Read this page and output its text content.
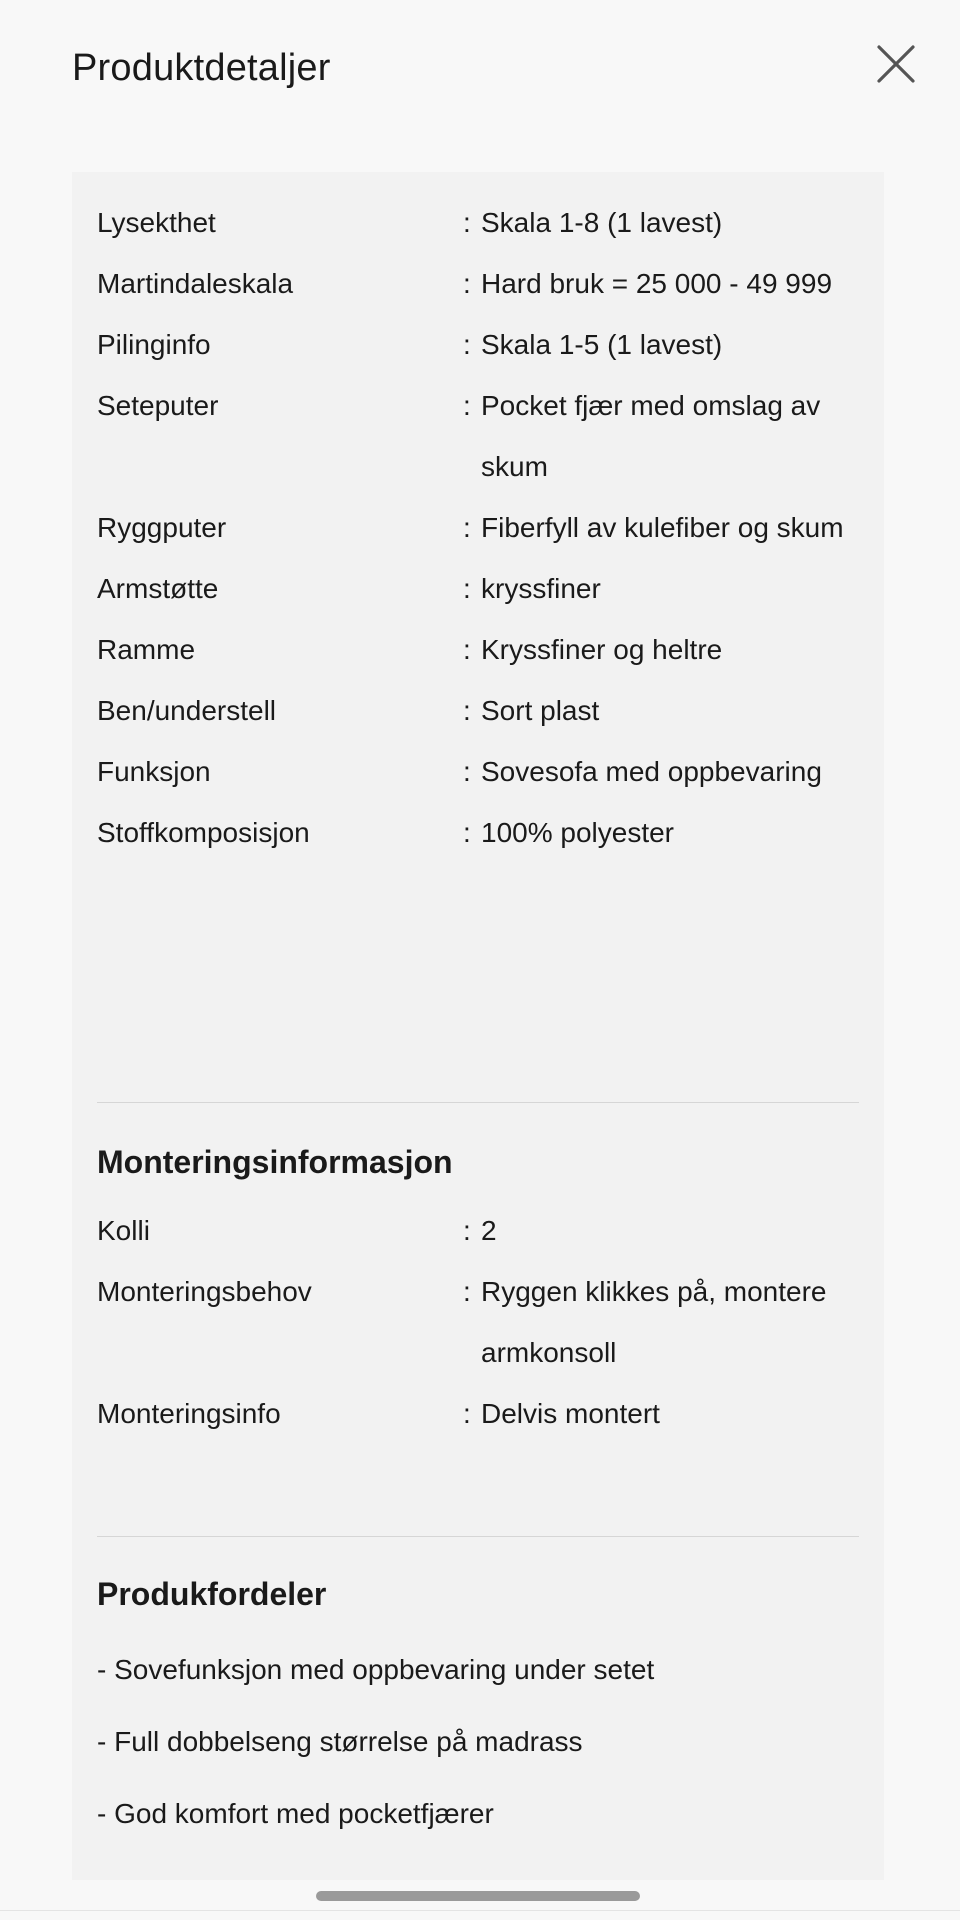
Produktdetaljer
Lysekthet	: Skala 1-8 (1 lavest)
Martindaleskala	: Hard bruk = 25 000 - 49 999
Pilinginfo	: Skala 1-5 (1 lavest)
Seteputer	: Pocket fjær med omslag av skum
Ryggputer	: Fiberfyll av kulefiber og skum
Armstøtte	: kryssfiner
Ramme	: Kryssfiner og heltre
Ben/understell	: Sort plast
Funksjon	: Sovesofa med oppbevaring
Stoffkomposisjon	: 100% polyester
Monteringsinformasjon
Kolli	: 2
Monteringsbehov	: Ryggen klikkes på, montere armkonsoll
Monteringsinfo	: Delvis montert
Produkfordeler
- Sovefunksjon med oppbevaring under setet
- Full dobbelseng størrelse på madrass
- God komfort med pocketfjærer
